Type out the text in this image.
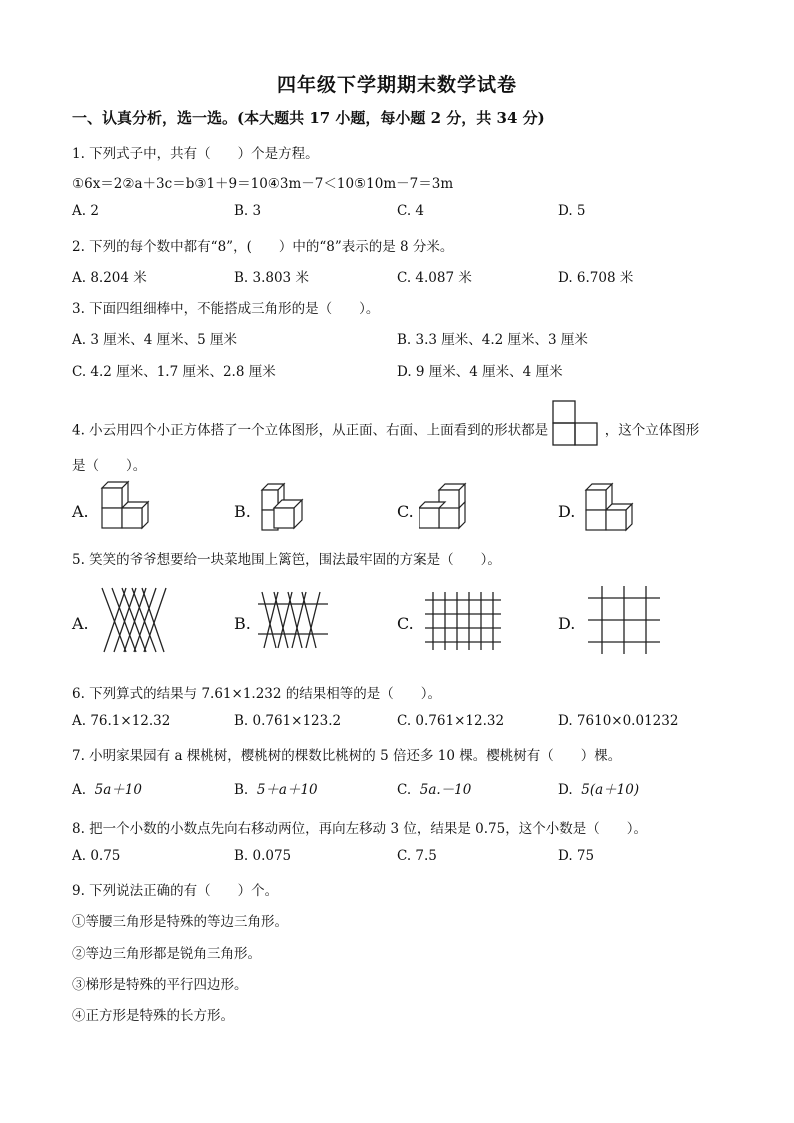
四年级下学期期末数学试卷
一、认真分析，选一选。(本大题共 17 小题，每小题 2 分，共 34 分)
1. 下列式子中，共有（　　）个是方程。
①6x＝2②a＋3c＝b③1＋9＝10④3m－7＜10⑤10m－7＝3m
A. 2	B. 3	C. 4	D. 5
2. 下列的每个数中都有“8”，(　　）中的“8”表示的是 8 分米。
A. 8.204 米	B. 3.803 米	C. 4.087 米	D. 6.708 米
3. 下面四组细棒中，不能搭成三角形的是（　　）。
A. 3 厘米、4 厘米、5 厘米	B. 3.3 厘米、4.2 厘米、3 厘米
C. 4.2 厘米、1.7 厘米、2.8 厘米	D. 9 厘米、4 厘米、4 厘米
4. 小云用四个小正方体搭了一个立体图形，从正面、右面、上面看到的形状都是	，这个立体图形
是（　　）。
A.	B.	C.	D.
5. 笑笑的爷爷想要给一块菜地围上篱笆，围法最牢固的方案是（　　）。
A.	B.	C.	D.
6. 下列算式的结果与 7.61×1.232 的结果相等的是（　　）。
A. 76.1×12.32	B. 0.761×123.2	C. 0.761×12.32	D. 7610×0.01232
7. 小明家果园有 a 棵桃树，樱桃树的棵数比桃树的 5 倍还多 10 棵。樱桃树有（　　）棵。
A. 5a＋10	B. 5＋a＋10	C. 5a.－10	D. 5(a＋10)
8. 把一个小数的小数点先向右移动两位，再向左移动 3 位，结果是 0.75，这个小数是（　　）。
A. 0.75	B. 0.075	C. 7.5	D. 75
9. 下列说法正确的有（　　）个。
①等腰三角形是特殊的等边三角形。
②等边三角形都是锐角三角形。
③梯形是特殊的平行四边形。
④正方形是特殊的长方形。
